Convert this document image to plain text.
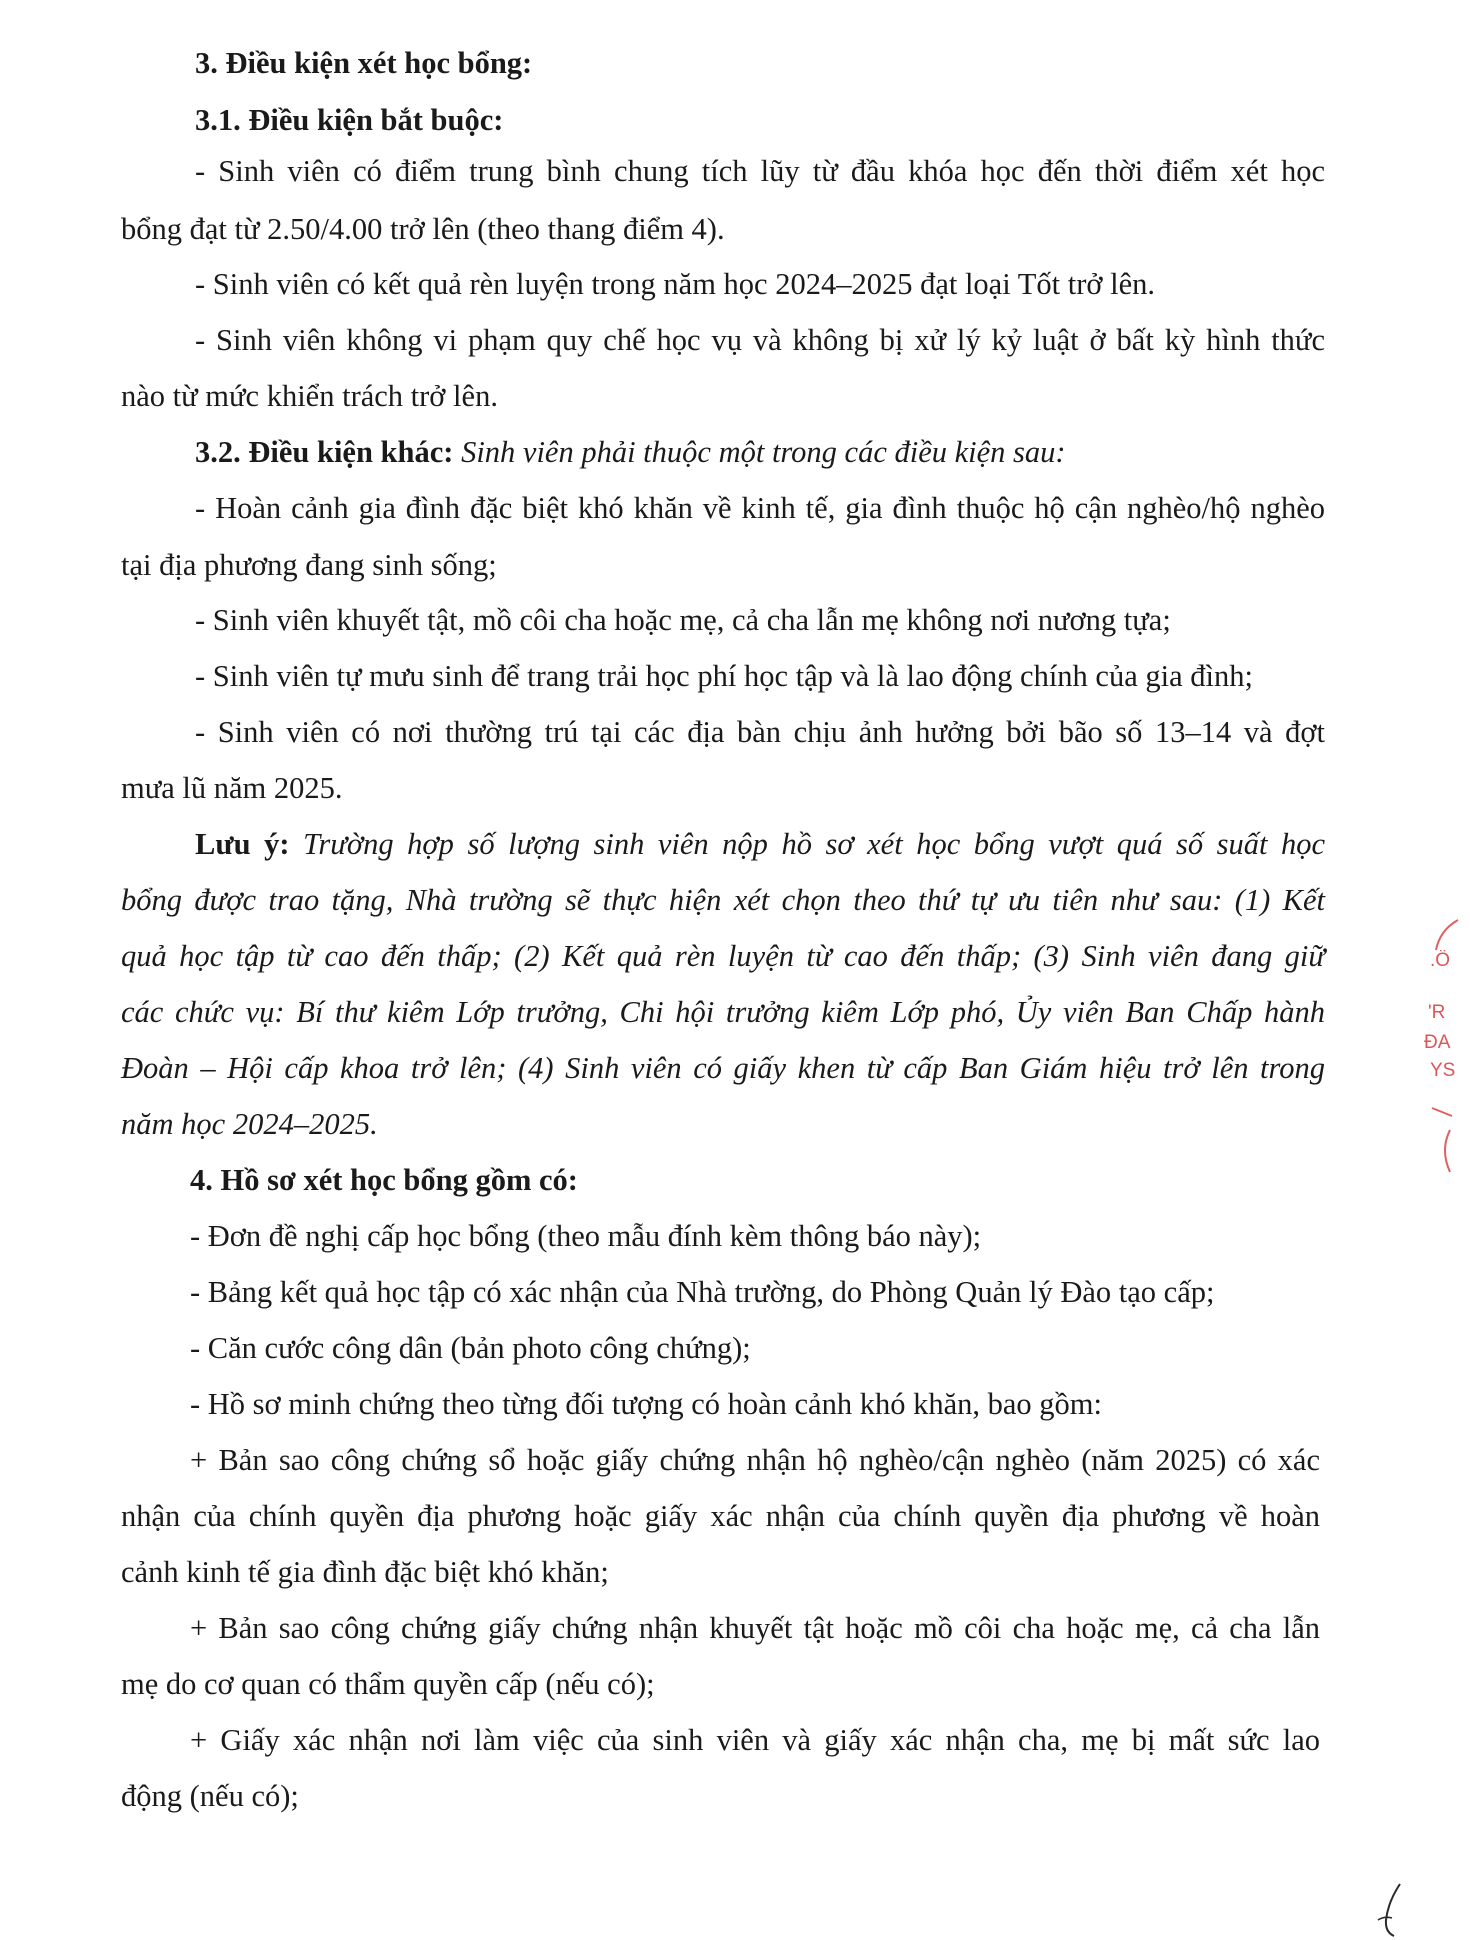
3. Điều kiện xét học bổng:
3.1. Điều kiện bắt buộc:
- Sinh viên có điểm trung bình chung tích lũy từ đầu khóa học đến thời điểm xét học
bổng đạt từ 2.50/4.00 trở lên (theo thang điểm 4).
- Sinh viên có kết quả rèn luyện trong năm học 2024–2025 đạt loại Tốt trở lên.
- Sinh viên không vi phạm quy chế học vụ và không bị xử lý kỷ luật ở bất kỳ hình thức
nào từ mức khiển trách trở lên.
3.2. Điều kiện khác: Sinh viên phải thuộc một trong các điều kiện sau:
- Hoàn cảnh gia đình đặc biệt khó khăn về kinh tế, gia đình thuộc hộ cận nghèo/hộ nghèo
tại địa phương đang sinh sống;
- Sinh viên khuyết tật, mồ côi cha hoặc mẹ, cả cha lẫn mẹ không nơi nương tựa;
- Sinh viên tự mưu sinh để trang trải học phí học tập và là lao động chính của gia đình;
- Sinh viên có nơi thường trú tại các địa bàn chịu ảnh hưởng bởi bão số 13–14 và đợt
mưa lũ năm 2025.
Lưu ý: Trường hợp số lượng sinh viên nộp hồ sơ xét học bổng vượt quá số suất học
bổng được trao tặng, Nhà trường sẽ thực hiện xét chọn theo thứ tự ưu tiên như sau: (1) Kết
quả học tập từ cao đến thấp; (2) Kết quả rèn luyện từ cao đến thấp; (3) Sinh viên đang giữ
các chức vụ: Bí thư kiêm Lớp trưởng, Chi hội trưởng kiêm Lớp phó, Ủy viên Ban Chấp hành
Đoàn – Hội cấp khoa trở lên; (4) Sinh viên có giấy khen từ cấp Ban Giám hiệu trở lên trong
năm học 2024–2025.
4. Hồ sơ xét học bổng gồm có:
- Đơn đề nghị cấp học bổng (theo mẫu đính kèm thông báo này);
- Bảng kết quả học tập có xác nhận của Nhà trường, do Phòng Quản lý Đào tạo cấp;
- Căn cước công dân (bản photo công chứng);
- Hồ sơ minh chứng theo từng đối tượng có hoàn cảnh khó khăn, bao gồm:
+ Bản sao công chứng sổ hoặc giấy chứng nhận hộ nghèo/cận nghèo (năm 2025) có xác
nhận của chính quyền địa phương hoặc giấy xác nhận của chính quyền địa phương về hoàn
cảnh kinh tế gia đình đặc biệt khó khăn;
+ Bản sao công chứng giấy chứng nhận khuyết tật hoặc mồ côi cha hoặc mẹ, cả cha lẫn
mẹ do cơ quan có thẩm quyền cấp (nếu có);
+ Giấy xác nhận nơi làm việc của sinh viên và giấy xác nhận cha, mẹ bị mất sức lao
động (nếu có);
.Ö
'R
ĐA
YS
